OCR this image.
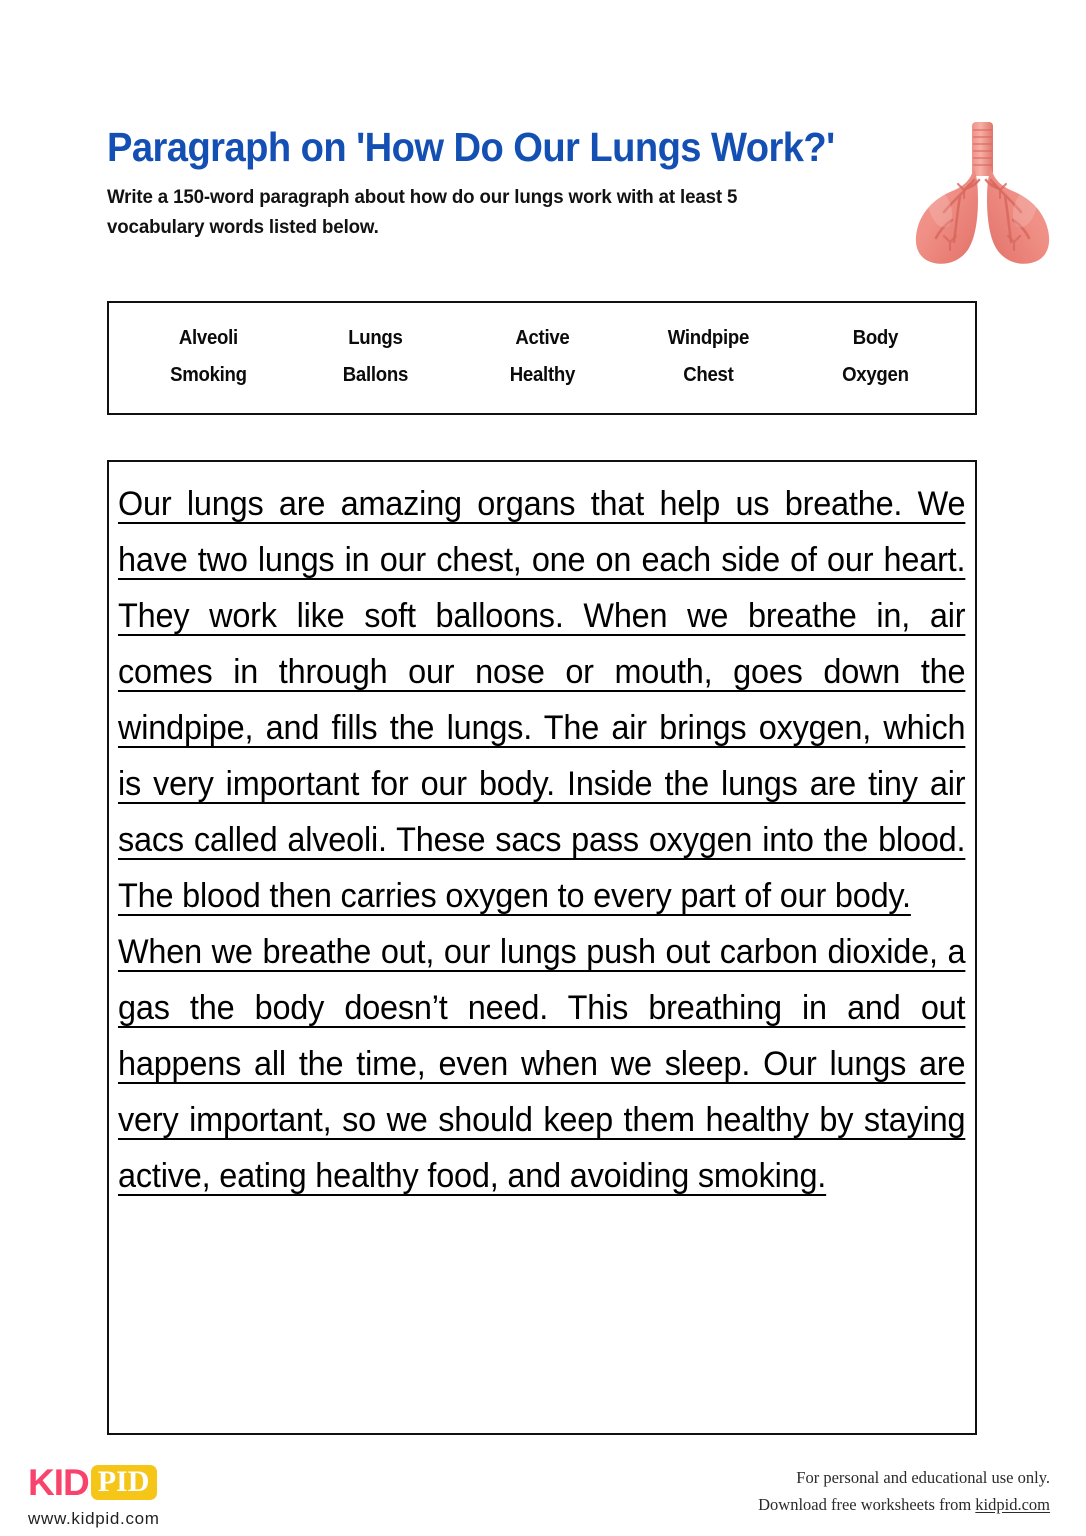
Paragraph on 'How Do Our Lungs Work?'

Write a 150-word paragraph about how do our lungs work with at least 5 vocabulary words listed below.

Alveoli	Lungs	Active	Windpipe	Body
Smoking	Ballons	Healthy	Chest	Oxygen

Our lungs are amazing organs that help us breathe. We have two lungs in our chest, one on each side of our heart. They work like soft balloons. When we breathe in, air comes in through our nose or mouth, goes down the windpipe, and fills the lungs. The air brings oxygen, which is very important for our body. Inside the lungs are tiny air sacs called alveoli. These sacs pass oxygen into the blood. The blood then carries oxygen to every part of our body.

When we breathe out, our lungs push out carbon dioxide, a gas the body doesn’t need. This breathing in and out happens all the time, even when we sleep. Our lungs are very important, so we should keep them healthy by staying active, eating healthy food, and avoiding smoking.

KID PID
www.kidpid.com
For personal and educational use only.
Download free worksheets from kidpid.com
